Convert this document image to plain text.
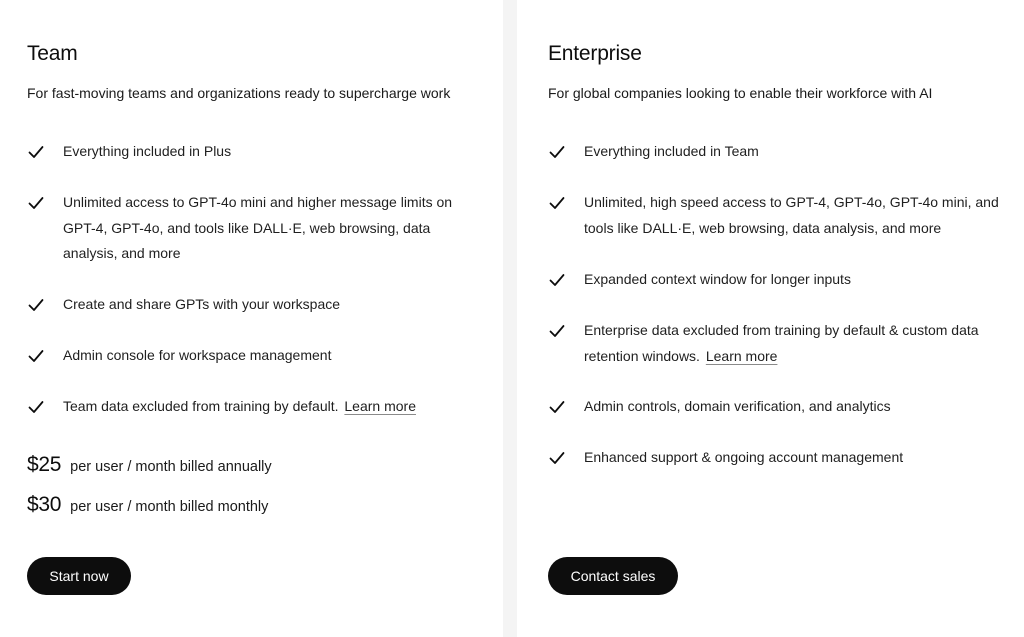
Team
For fast-moving teams and organizations ready to supercharge work
Everything included in Plus
Unlimited access to GPT-4o mini and higher message limits on GPT-4, GPT-4o, and tools like DALL·E, web browsing, data analysis, and more
Create and share GPTs with your workspace
Admin console for workspace management
Team data excluded from training by default. Learn more
$25 per user / month billed annually
$30 per user / month billed monthly
Start now
Enterprise
For global companies looking to enable their workforce with AI
Everything included in Team
Unlimited, high speed access to GPT-4, GPT-4o, GPT-4o mini, and tools like DALL·E, web browsing, data analysis, and more
Expanded context window for longer inputs
Enterprise data excluded from training by default & custom data retention windows. Learn more
Admin controls, domain verification, and analytics
Enhanced support & ongoing account management
Contact sales
